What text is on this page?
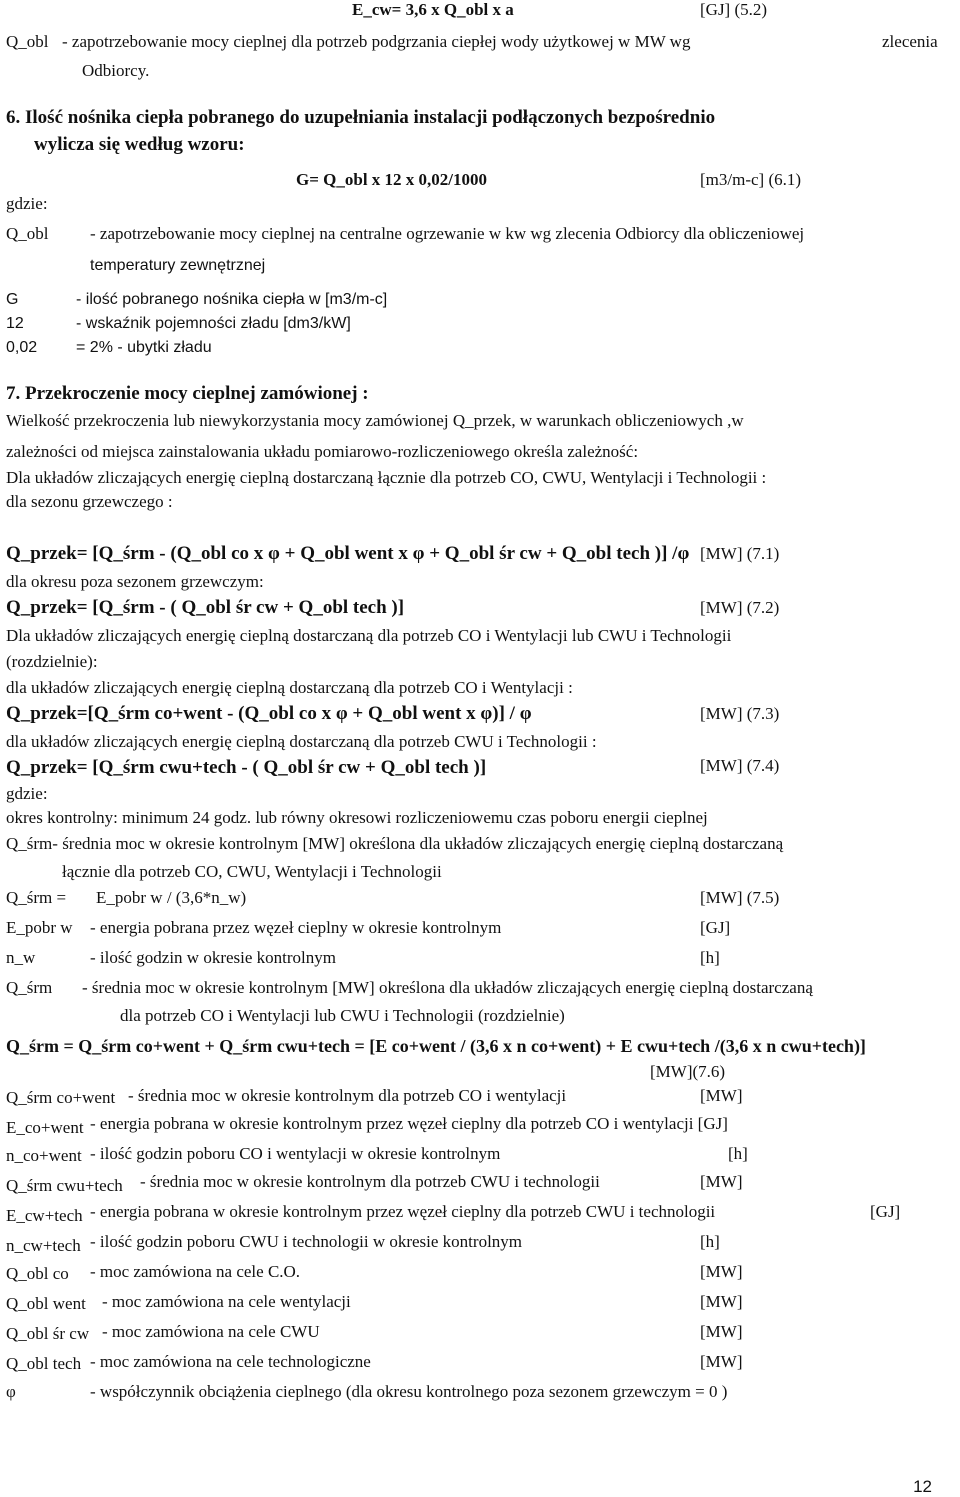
E_cw= 3,6 x Q_obl x a	[GJ] (5.2)
Q_obl - zapotrzebowanie mocy cieplnej dla potrzeb podgrzania ciepłej wody użytkowej w MW wg	zlecenia
Odbiorcy.
6. Ilość nośnika ciepła pobranego do uzupełniania instalacji podłączonych bezpośrednio
wylicza się według wzoru:
G= Q_obl x 12 x 0,02/1000	[m3/m-c] (6.1)
gdzie:
Q_obl - zapotrzebowanie mocy cieplnej na centralne ogrzewanie w kw wg zlecenia Odbiorcy dla obliczeniowej
temperatury zewnętrznej
G	- ilość pobranego nośnika ciepła w [m3/m-c]
12	- wskaźnik pojemności zładu [dm3/kW]
0,02 = 2% - ubytki zładu
7. Przekroczenie mocy cieplnej zamówionej :
Wielkość przekroczenia lub niewykorzystania mocy zamówionej Q_przek, w warunkach obliczeniowych ,w
zależności od miejsca zainstalowania układu pomiarowo-rozliczeniowego określa zależność:
Dla układów zliczających energię cieplną dostarczaną łącznie dla potrzeb CO, CWU, Wentylacji i Technologii :
dla sezonu grzewczego :
Q_przek= [Q_śrm - (Q_obl co x φ + Q_obl went x φ + Q_obl śr cw + Q_obl tech )] /φ [MW] (7.1)
dla okresu poza sezonem grzewczym:
Q_przek= [Q_śrm - ( Q_obl śr cw + Q_obl tech )]	[MW] (7.2)
Dla układów zliczających energię cieplną dostarczaną dla potrzeb CO i Wentylacji lub CWU i Technologii
(rozdzielnie):
dla układów zliczających energię cieplną dostarczaną dla potrzeb CO i Wentylacji :
Q_przek=[Q_śrm co+went - (Q_obl co x φ + Q_obl went x φ)] / φ	[MW] (7.3)
dla układów zliczających energię cieplną dostarczaną dla potrzeb CWU i Technologii :
Q_przek= [Q_śrm cwu+tech - ( Q_obl śr cw + Q_obl tech )]	[MW] (7.4)
gdzie:
okres kontrolny: minimum 24 godz. lub równy okresowi rozliczeniowemu czas poboru energii cieplnej
Q_śrm- średnia moc w okresie kontrolnym [MW] określona dla układów zliczających energię cieplną dostarczaną
łącznie dla potrzeb CO, CWU, Wentylacji i Technologii
Q_śrm = E_pobr w / (3,6*n_w)	[MW] (7.5)
E_pobr w - energia pobrana przez węzeł cieplny w okresie kontrolnym	[GJ]
n_w	- ilość godzin w okresie kontrolnym	[h]
Q_śrm - średnia moc w okresie kontrolnym [MW] określona dla układów zliczających energię cieplną dostarczaną
dla potrzeb CO i Wentylacji lub CWU i Technologii (rozdzielnie)
Q_śrm = Q_śrm co+went + Q_śrm cwu+tech = [E co+went / (3,6 x n co+went) + E cwu+tech /(3,6 x n cwu+tech)]
[MW](7.6)
Q_śrm co+went - średnia moc w okresie kontrolnym dla potrzeb CO i wentylacji	[MW]
E_co+went - energia pobrana w okresie kontrolnym przez węzeł cieplny dla potrzeb CO i wentylacji [GJ]
n_co+went - ilość godzin poboru CO i wentylacji w okresie kontrolnym	[h]
Q_śrm cwu+tech - średnia moc w okresie kontrolnym dla potrzeb CWU i technologii	[MW]
E_cw+tech - energia pobrana w okresie kontrolnym przez węzeł cieplny dla potrzeb CWU i technologii	[GJ]
n_cw+tech - ilość godzin poboru CWU i technologii w okresie kontrolnym	[h]
Q_obl co - moc zamówiona na cele C.O.	[MW]
Q_obl went - moc zamówiona na cele wentylacji	[MW]
Q_obl śr cw - moc zamówiona na cele CWU	[MW]
Q_obl tech - moc zamówiona na cele technologiczne	[MW]
φ	- współczynnik obciążenia cieplnego (dla okresu kontrolnego poza sezonem grzewczym = 0 )
12
